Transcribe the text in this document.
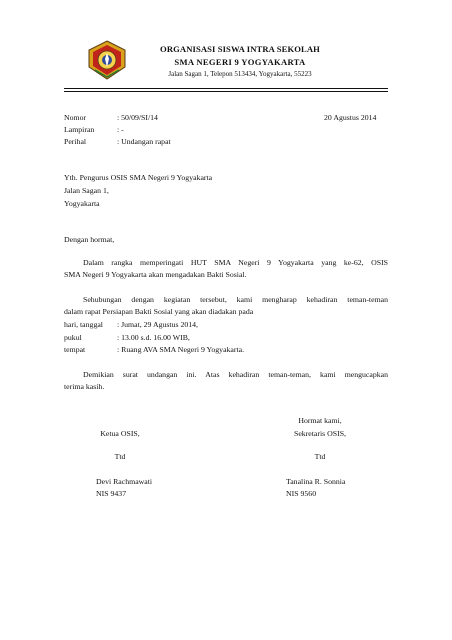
ORGANISASI SISWA INTRA SEKOLAH
SMA NEGERI 9 YOGYAKARTA
Jalan Sagan 1, Telepon 513434, Yogyakarta, 55223
Nomor	: 50/09/SI/14	20 Agustus 2014
Lampiran	: -
Perihal	: Undangan rapat
Yth. Pengurus OSIS SMA Negeri 9 Yogyakarta
Jalan Sagan 1,
Yogyakarta
Dengan hormat,
Dalam rangka memperingati HUT SMA Negeri 9 Yogyakarta yang ke-62, OSIS
SMA Negeri 9 Yogyakarta akan mengadakan Bakti Sosial.
Sehubungan dengan kegiatan tersebut, kami mengharap kehadiran teman-teman
dalam rapat Persiapan Bakti Sosial yang akan diadakan pada
hari, tanggal : Jumat, 29 Agustus 2014,
pukul	: 13.00 s.d. 16.00 WIB,
tempat	: Ruang AVA SMA Negeri 9 Yogyakarta.
Demikian surat undangan ini. Atas kehadiran teman-teman, kami mengucapkan
terima kasih.
Hormat kami,
Ketua OSIS,	Sekretaris OSIS,
Ttd	Ttd
Devi Rachmawati	Tanalina R. Sonnia
NIS 9437	NIS 9560
